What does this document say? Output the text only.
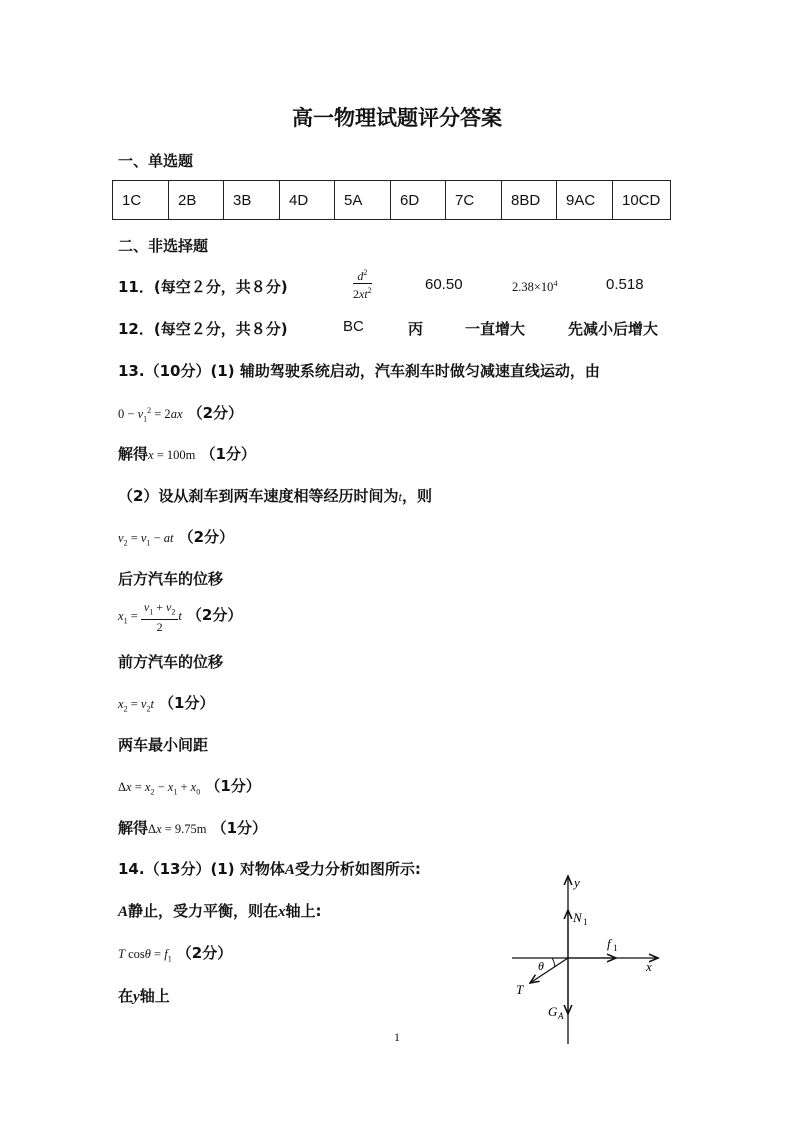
高一物理试题评分答案
一、单选题
1C	2B	3B	4D	5A	6D	7C	8BD	9AC	10CD
二、非选择题
11．(每空２分，共８分)	$\frac{d^2}{2xt^2}$	60.50	$2.38\times 10^4$	0.518
12．(每空２分，共８分)	BC	丙	一直增大	先减小后增大
13.（10分）(1) 辅助驾驶系统启动，汽车刹车时做匀减速直线运动，由
$0 - v_1^2 = 2ax$ （2分）
解得x = 100m （1分）
（2）设从刹车到两车速度相等经历时间为t，则
$v_2 = v_1$ − at （2分）
后方汽车的位移
$x_1 = \frac{v_1 + v_2}{2}$ t （2分）
前方汽车的位移
$x_2 = v_2t$ （1分）
两车最小间距
$\Delta x = x_2 - x_1 + x_0$ （1分）
解得Δx = 9.75m （1分）
14.（13分）(1) 对物体A受力分析如图所示:
A静止，受力平衡，则在x轴上:
T $\cos\theta = f_1$ （2分）
在y轴上
y
x
N 1
f 1
θ
T
G A
1
